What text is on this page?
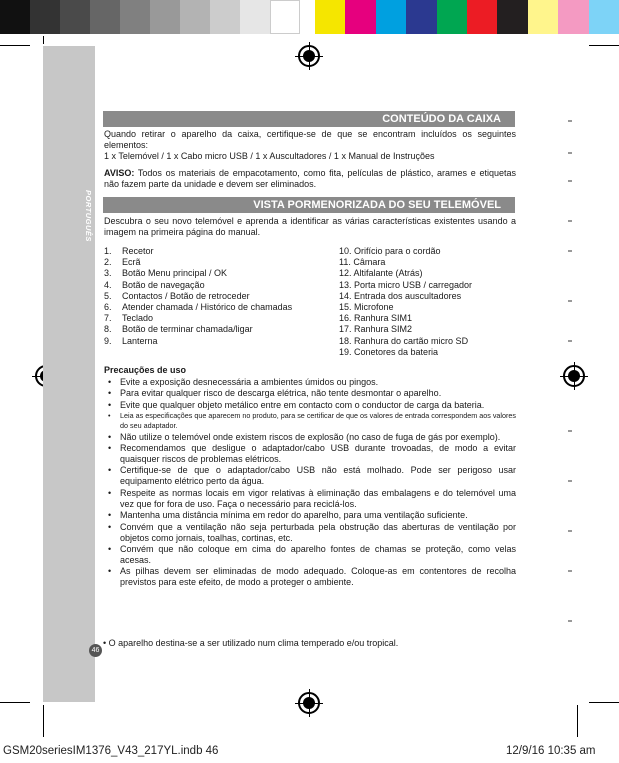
PORTUGUÊS
CONTEÚDO DA CAIXA
Quando retirar o aparelho da caixa, certifique-se de que se encontram incluídos os seguintes elementos:
1 x Telemóvel / 1 x Cabo micro USB / 1 x Auscultadores / 1 x Manual de Instruções
AVISO: Todos os materiais de empacotamento, como fita, películas de plástico, arames e etiquetas não fazem parte da unidade e devem ser eliminados.
VISTA PORMENORIZADA DO SEU TELEMÓVEL
Descubra o seu novo telemóvel e aprenda a identificar as várias características existentes usando a imagem na primeira página do manual.
1. Recetor
2. Ecrã
3. Botão Menu principal / OK
4. Botão de navegação
5. Contactos / Botão de retroceder
6. Atender chamada / Histórico de chamadas
7. Teclado
8. Botão de terminar chamada/ligar
9. Lanterna
10. Orifício para o cordão
11. Câmara
12. Altifalante (Atrás)
13. Porta micro USB / carregador
14. Entrada dos auscultadores
15. Microfone
16. Ranhura SIM1
17. Ranhura SIM2
18. Ranhura do cartão micro SD
19. Conetores da bateria
Precauções de uso
• Evite a exposição desnecessária a ambientes úmidos ou pingos.
• Para evitar qualquer risco de descarga elétrica, não tente desmontar o aparelho.
• Evite que qualquer objeto metálico entre em contacto com o conductor de carga da bateria.
• Leia as especificações que aparecem no produto, para se certificar de que os valores de entrada correspondem aos valores do seu adaptador.
• Não utilize o telemóvel onde existem riscos de explosão (no caso de fuga de gás por exemplo).
• Recomendamos que desligue o adaptador/cabo USB durante trovoadas, de modo a evitar quaisquer riscos de problemas elétricos.
• Certifique-se de que o adaptador/cabo USB não está molhado. Pode ser perigoso usar equipamento elétrico perto da água.
• Respeite as normas locais em vigor relativas à eliminação das embalagens e do telemóvel uma vez que for fora de uso. Faça o necessário para reciclá-los.
• Mantenha uma distância mínima em redor do aparelho, para uma ventilação suficiente.
• Convém que a ventilação não seja perturbada pela obstrução das aberturas de ventilação por objetos como jornais, toalhas, cortinas, etc.
• Convém que não coloque em cima do aparelho fontes de chamas se proteção, como velas acesas.
• As pilhas devem ser eliminadas de modo adequado. Coloque-as em contentores de recolha previstos para este efeito, de modo a proteger o ambiente.
• O aparelho destina-se a ser utilizado num clima temperado e/ou tropical.
46
GSM20seriesIM1376_V43_217YL.indb 46	12/9/16 10:35 am
